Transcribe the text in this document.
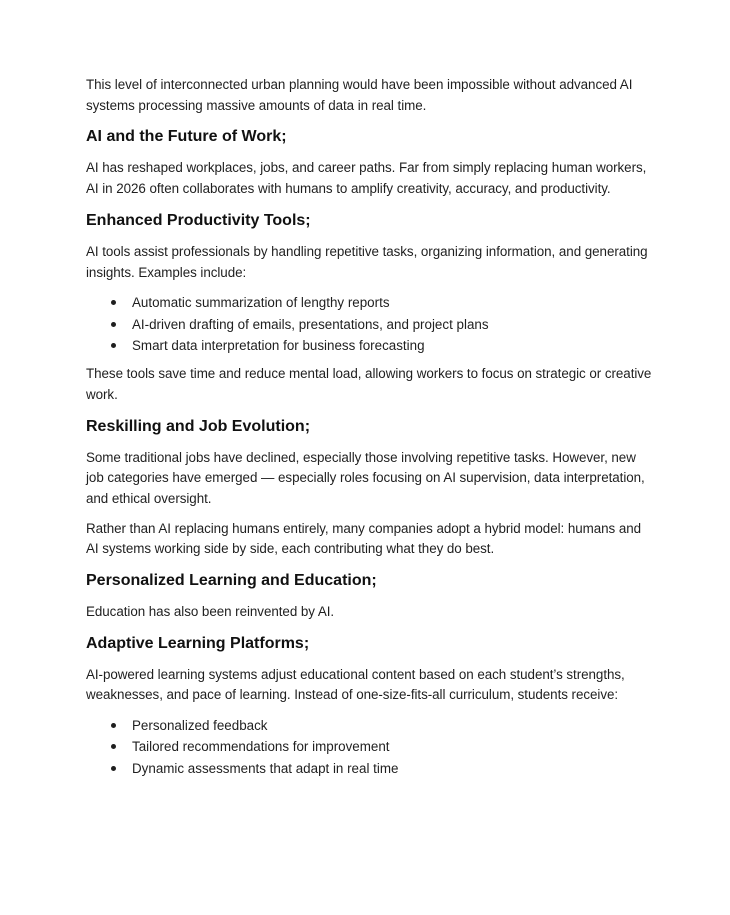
This level of interconnected urban planning would have been impossible without advanced AI systems processing massive amounts of data in real time.

AI and the Future of Work;

AI has reshaped workplaces, jobs, and career paths. Far from simply replacing human workers, AI in 2026 often collaborates with humans to amplify creativity, accuracy, and productivity.

Enhanced Productivity Tools;

AI tools assist professionals by handling repetitive tasks, organizing information, and generating insights. Examples include:

Automatic summarization of lengthy reports
AI-driven drafting of emails, presentations, and project plans
Smart data interpretation for business forecasting

These tools save time and reduce mental load, allowing workers to focus on strategic or creative work.

Reskilling and Job Evolution;

Some traditional jobs have declined, especially those involving repetitive tasks. However, new job categories have emerged — especially roles focusing on AI supervision, data interpretation, and ethical oversight.

Rather than AI replacing humans entirely, many companies adopt a hybrid model: humans and AI systems working side by side, each contributing what they do best.

Personalized Learning and Education;

Education has also been reinvented by AI.

Adaptive Learning Platforms;

AI-powered learning systems adjust educational content based on each student’s strengths, weaknesses, and pace of learning. Instead of one-size-fits-all curriculum, students receive:

Personalized feedback
Tailored recommendations for improvement
Dynamic assessments that adapt in real time
